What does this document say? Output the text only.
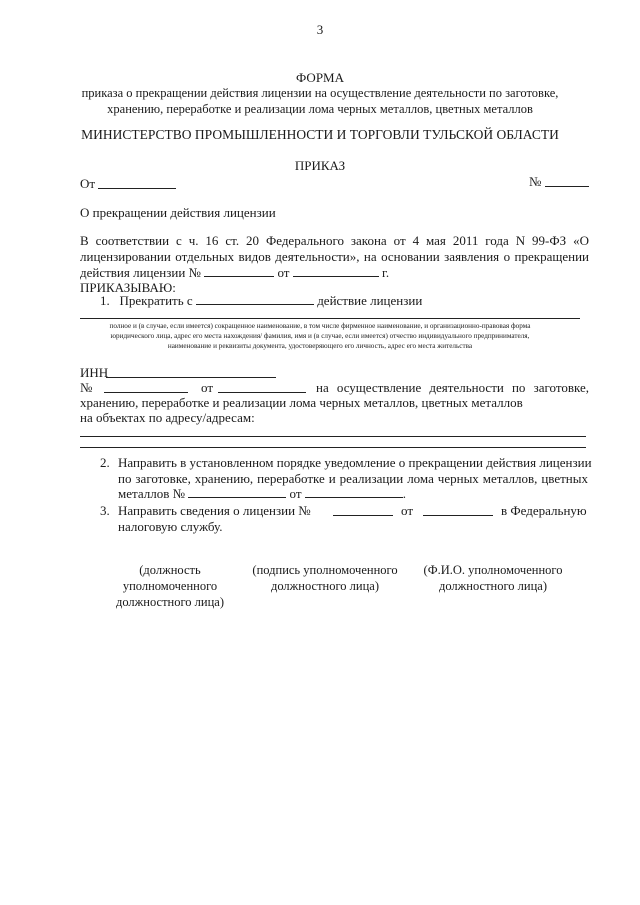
3
ФОРМА
приказа о прекращении действия лицензии на осуществление деятельности по заготовке,
хранению, переработке и реализации лома черных металлов, цветных металлов
МИНИСТЕРСТВО ПРОМЫШЛЕННОСТИ И ТОРГОВЛИ ТУЛЬСКОЙ ОБЛАСТИ
ПРИКАЗ
От	№
О прекращении действия лицензии
В соответствии с ч. 16 ст. 20 Федерального закона от 4 мая 2011 года N 99-ФЗ «О
лицензировании отдельных видов деятельности», на основании заявления о прекращении
действия лицензии №	от	г.
ПРИКАЗЫВАЮ:
1. Прекратить с	действие лицензии
полное и (в случае, если имеется) сокращенное наименование, в том числе фирменное наименование, и организационно-правовая форма
юридического лица, адрес его места нахождения/ фамилия, имя и (в случае, если имеется) отчество индивидуального предпринимателя,
наименование и реквизиты документа, удостоверяющего его личность, адрес его места жительства
ИНН
№	от	на осуществление деятельности по заготовке,
хранению, переработке и реализации лома черных металлов, цветных металлов
на объектах по адресу/адресам:
2. Направить в установленном порядке уведомление о прекращении действия лицензии
по заготовке, хранению, переработке и реализации лома черных металлов, цветных
металлов №	от	.
3. Направить сведения о лицензии №	от	в Федеральную
налоговую службу.
(должность
уполномоченного
должностного лица)
(подпись уполномоченного
должностного лица)
(Ф.И.О. уполномоченного
должностного лица)
